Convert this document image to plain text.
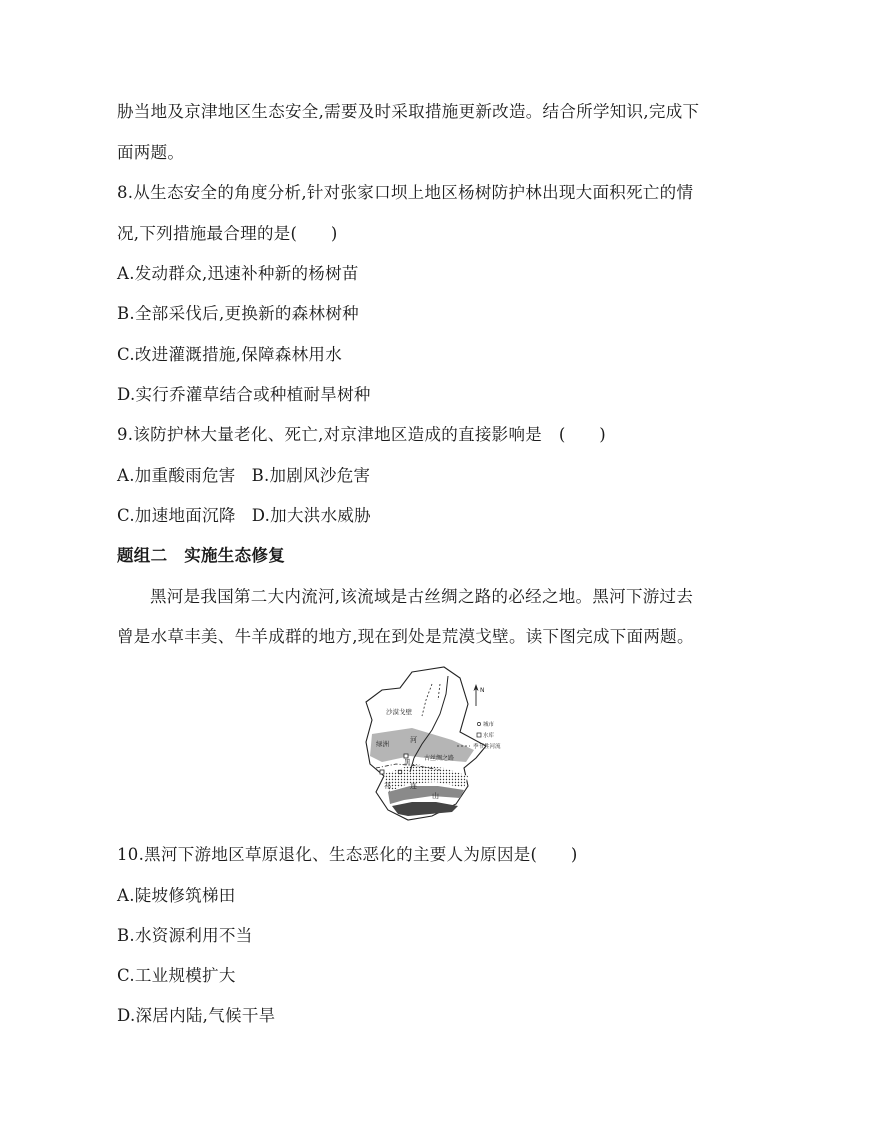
胁当地及京津地区生态安全,需要及时采取措施更新改造。结合所学知识,完成下
面两题。
8.从生态安全的角度分析,针对张家口坝上地区杨树防护林出现大面积死亡的情
况,下列措施最合理的是(　　)
A.发动群众,迅速补种新的杨树苗
B.全部采伐后,更换新的森林树种
C.改进灌溉措施,保障森林用水
D.实行乔灌草结合或种植耐旱树种
9.该防护林大量老化、死亡,对京津地区造成的直接影响是　(　　)
A.加重酸雨危害 B.加剧风沙危害
C.加速地面沉降 D.加大洪水威胁
题组二　实施生态修复
黑河是我国第二大内流河,该流域是古丝绸之路的必经之地。黑河下游过去
曾是水草丰美、牛羊成群的地方,现在到处是荒漠戈壁。读下图完成下面两题。
沙漠戈壁
河
绿洲
黑 古丝绸之路
祁	连
山
N
城市
水库
季节性河流
10.黑河下游地区草原退化、生态恶化的主要人为原因是(　　)
A.陡坡修筑梯田
B.水资源利用不当
C.工业规模扩大
D.深居内陆,气候干旱
